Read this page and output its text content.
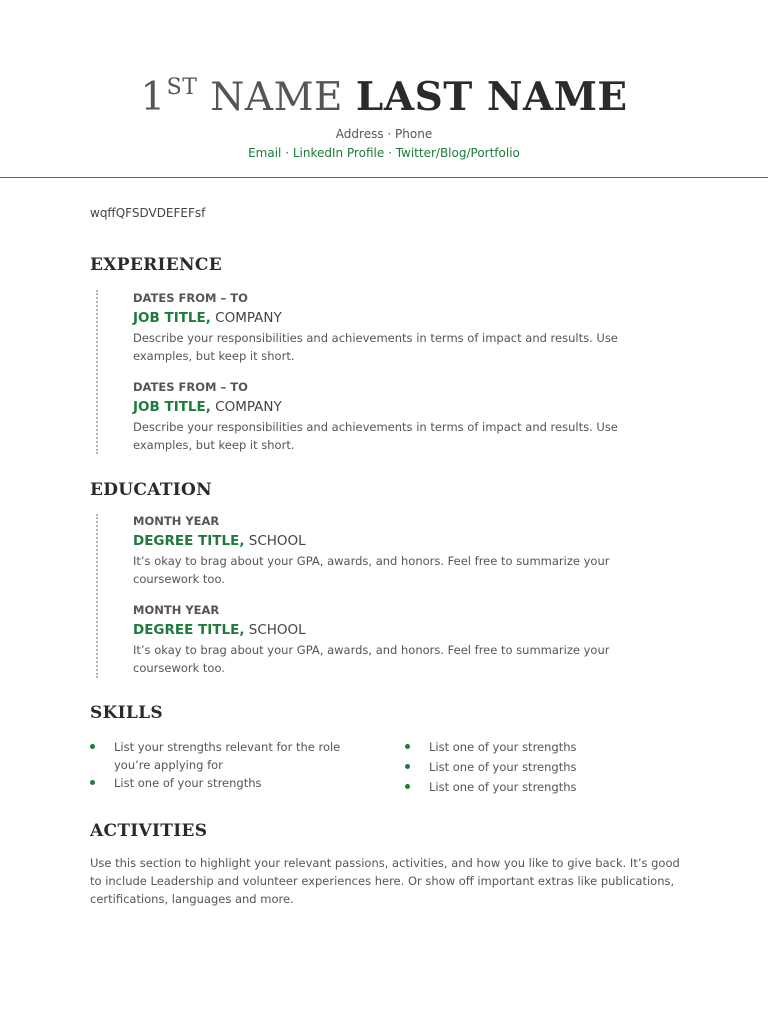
1ST NAME LAST NAME
Address · Phone
Email · LinkedIn Profile · Twitter/Blog/Portfolio
wqffQFSDVDEFEFsf
EXPERIENCE
DATES FROM – TO
JOB TITLE, COMPANY
Describe your responsibilities and achievements in terms of impact and results. Use examples, but keep it short.
DATES FROM – TO
JOB TITLE, COMPANY
Describe your responsibilities and achievements in terms of impact and results. Use examples, but keep it short.
EDUCATION
MONTH YEAR
DEGREE TITLE, SCHOOL
It’s okay to brag about your GPA, awards, and honors. Feel free to summarize your coursework too.
MONTH YEAR
DEGREE TITLE, SCHOOL
It’s okay to brag about your GPA, awards, and honors. Feel free to summarize your coursework too.
SKILLS
List your strengths relevant for the role you’re applying for
List one of your strengths
List one of your strengths
List one of your strengths
List one of your strengths
ACTIVITIES
Use this section to highlight your relevant passions, activities, and how you like to give back. It’s good to include Leadership and volunteer experiences here. Or show off important extras like publications, certifications, languages and more.
